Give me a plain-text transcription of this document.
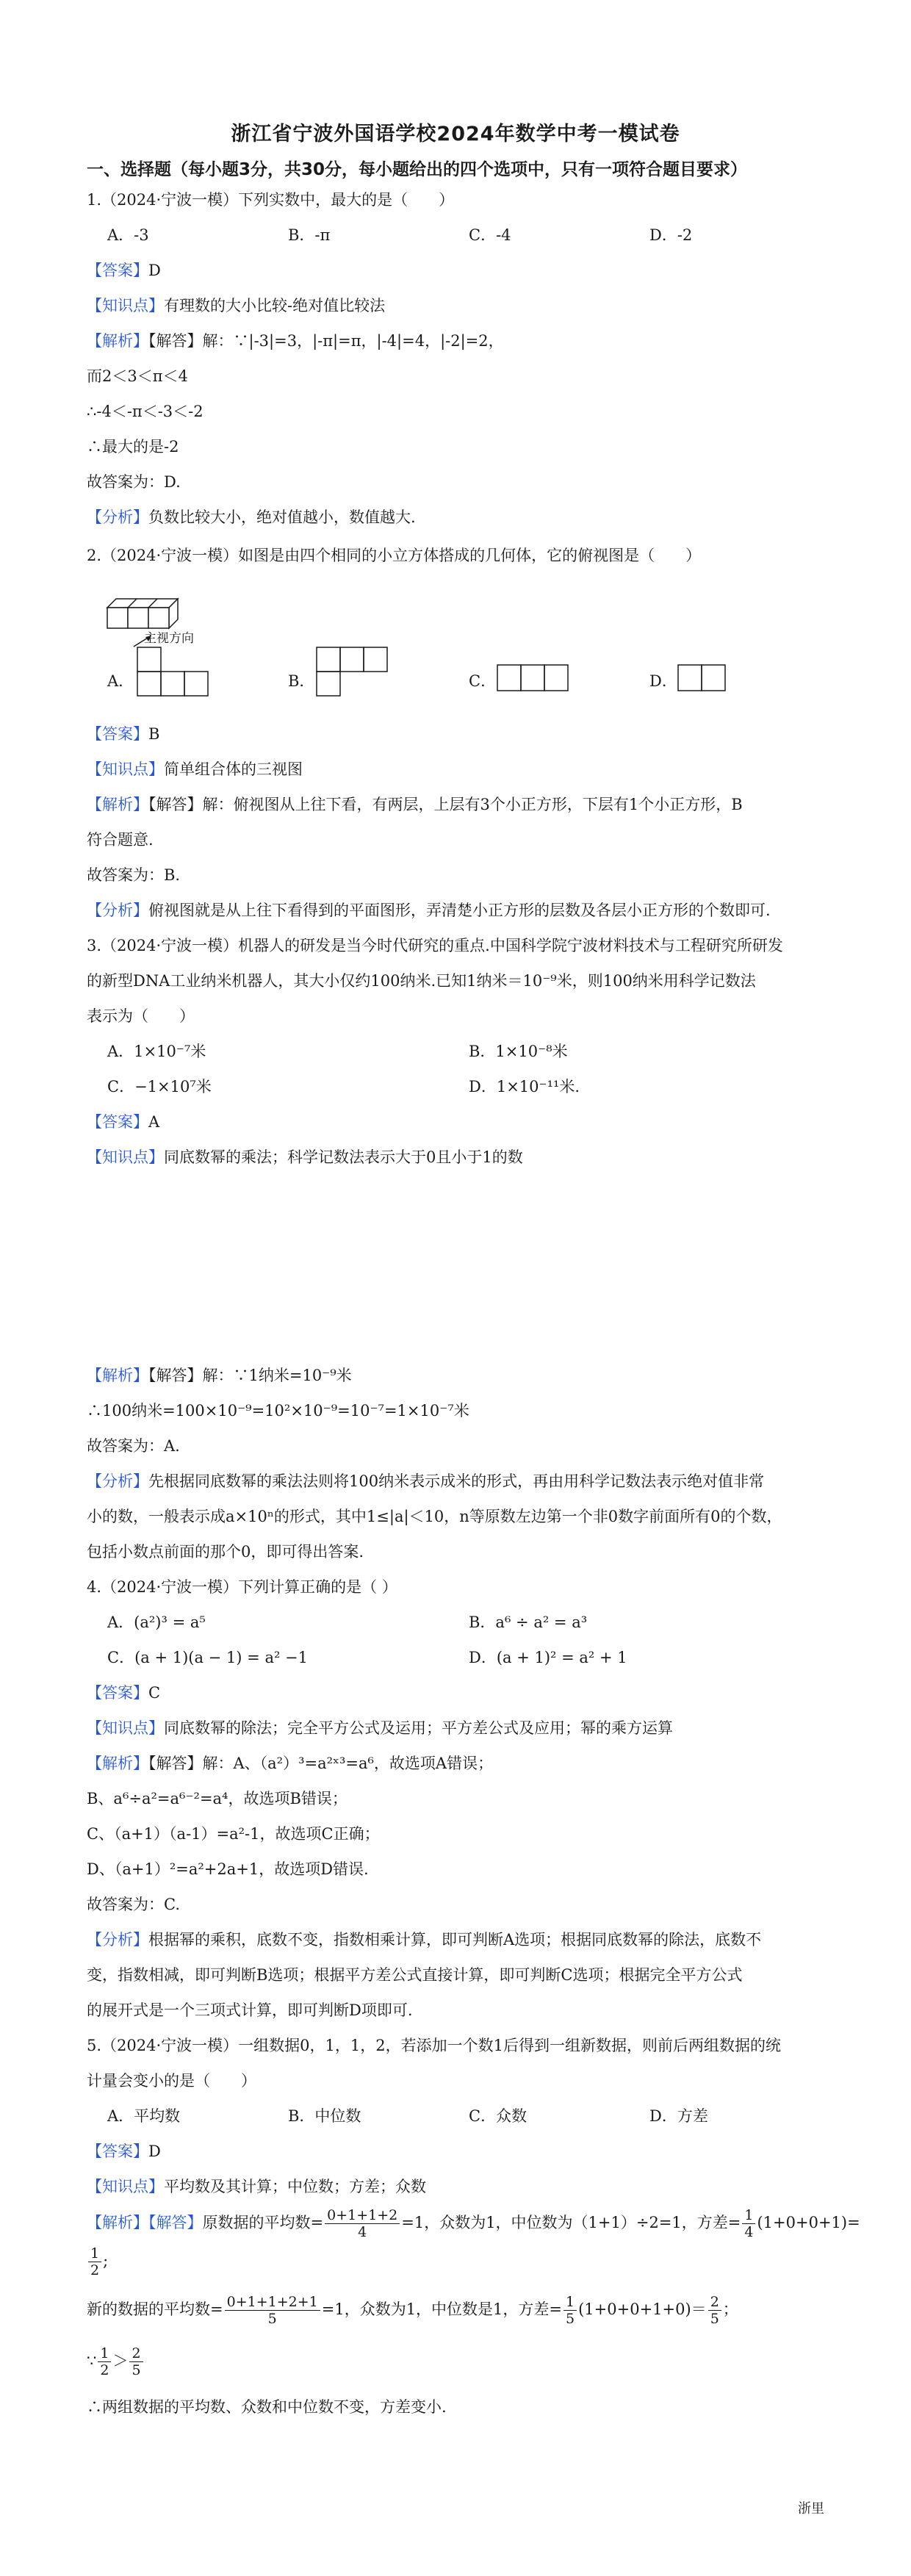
浙江省宁波外国语学校2024年数学中考一模试卷
一、选择题（每小题3分，共30分，每小题给出的四个选项中，只有一项符合题目要求）
1.（2024·宁波一模）下列实数中，最大的是（　　）
A．-3	B．-π	C．-4	D．-2
【答案】D
【知识点】有理数的大小比较-绝对值比较法
【解析】【解答】解：∵|-3|=3，|-π|=π，|-4|=4，|-2|=2，
而2＜3＜π＜4
∴-4＜-π＜-3＜-2
∴最大的是-2
故答案为：D.
【分析】负数比较大小，绝对值越小，数值越大.
2.（2024·宁波一模）如图是由四个相同的小立方体搭成的几何体，它的俯视图是（　　）
主视方向
A．	B．	C．	D．
【答案】B
【知识点】简单组合体的三视图
【解析】【解答】解：俯视图从上往下看，有两层，上层有3个小正方形，下层有1个小正方形，B
符合题意.
故答案为：B.
【分析】俯视图就是从上往下看得到的平面图形，弄清楚小正方形的层数及各层小正方形的个数即可.
3.（2024·宁波一模）机器人的研发是当今时代研究的重点.中国科学院宁波材料技术与工程研究所研发
的新型DNA工业纳米机器人，其大小仅约100纳米.已知1纳米＝10⁻⁹米，则100纳米用科学记数法
表示为（　　）
A．1×10⁻⁷米	B．1×10⁻⁸米
C．−1×10⁷米	D．1×10⁻¹¹米.
【答案】A
【知识点】同底数幂的乘法；科学记数法表示大于0且小于1的数
【解析】【解答】解：∵1纳米=10⁻⁹米
∴100纳米=100×10⁻⁹=10²×10⁻⁹=10⁻⁷=1×10⁻⁷米
故答案为：A.
【分析】先根据同底数幂的乘法法则将100纳米表示成米的形式，再由用科学记数法表示绝对值非常
小的数，一般表示成a×10ⁿ的形式，其中1≤|a|＜10，n等原数左边第一个非0数字前面所有0的个数，
包括小数点前面的那个0，即可得出答案.
4.（2024·宁波一模）下列计算正确的是（ ）
A．(a²)³ = a⁵	B．a⁶ ÷ a² = a³
C．(a + 1)(a − 1) = a² −1	D．(a + 1)² = a² + 1
【答案】C
【知识点】同底数幂的除法；完全平方公式及运用；平方差公式及应用；幂的乘方运算
【解析】【解答】解：A、（a²）³=a²ˣ³=a⁶，故选项A错误；
B、a⁶÷a²=a⁶⁻²=a⁴，故选项B错误；
C、（a+1）（a-1）=a²-1，故选项C正确；
D、（a+1）²=a²+2a+1，故选项D错误.
故答案为：C.
【分析】根据幂的乘积，底数不变，指数相乘计算，即可判断A选项；根据同底数幂的除法，底数不
变，指数相减，即可判断B选项；根据平方差公式直接计算，即可判断C选项；根据完全平方公式
的展开式是一个三项式计算，即可判断D项即可.
5.（2024·宁波一模）一组数据0，1，1，2，若添加一个数1后得到一组新数据，则前后两组数据的统
计量会变小的是（　　）
A．平均数	B．中位数	C．众数	D．方差
【答案】D
【知识点】平均数及其计算；中位数；方差；众数
【解析】【解答】原数据的平均数= $\frac{0+1+1+2}{4} =1$，众数为1，中位数为（1+1）÷2=1，方差= $\frac{1}{4} (1+0+0+1)=$
$\frac{1}{2}$ ;
新的数据的平均数= $\frac{0+1+1+2+1}{5} =1$，众数为1，中位数是1，方差= $\frac{1}{5} (1+0+0+1+0)= \frac{2}{5}$ ；
∵ $\frac{1}{2} > \frac{2}{5}$
∴两组数据的平均数、众数和中位数不变，方差变小.
浙里
